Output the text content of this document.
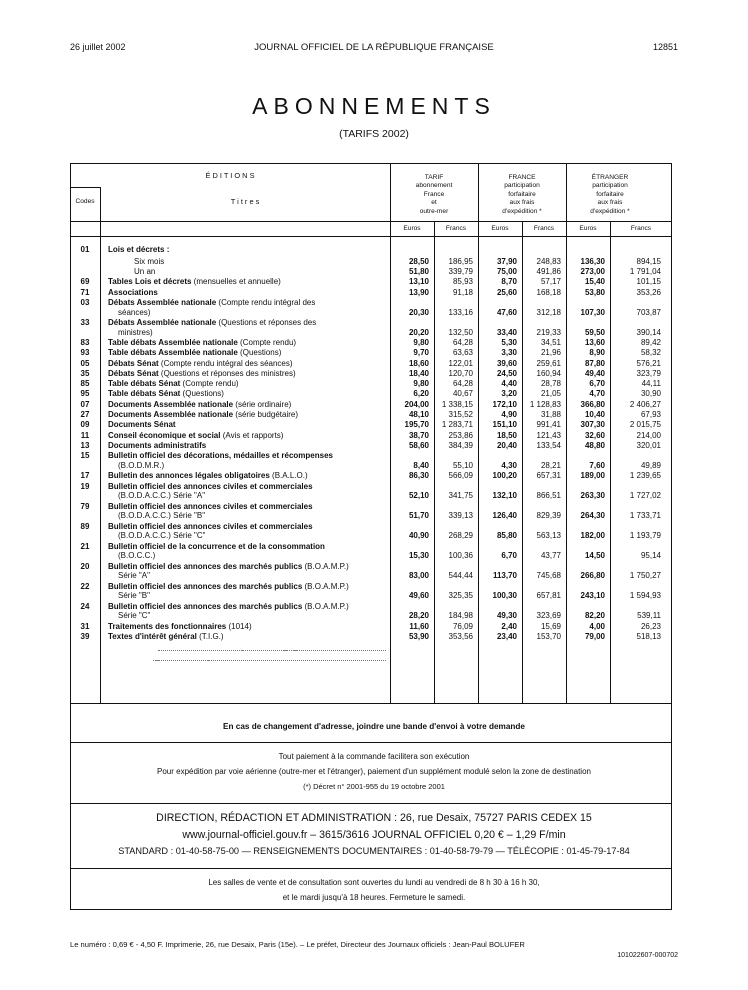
26 juillet 2002	JOURNAL OFFICIEL DE LA RÉPUBLIQUE FRANÇAISE	12851
ABONNEMENTS
(TARIFS 2002)
É D I T I O N S
Codes	T i t r e s
TARIF
abonnement
France
et
outre-mer
FRANCE
participation
forfaitaire
aux frais
d'expédition *
ÉTRANGER
participation
forfaitaire
aux frais
d'expédition *
Euros	Francs	Euros	Francs	Euros	Francs
01	Lois et décrets :
Six mois	28,50	186,95	37,90	248,83	136,30	894,15
Un an	51,80	339,79	75,00	491,86	273,00	1 791,04
69	Tables Lois et décrets (mensuelles et annuelle)	13,10	85,93	8,70	57,17	15,40	101,15
71	Associations	13,90	91,18	25,60	168,18	53,80	353,26
03	Débats Assemblée nationale (Compte rendu intégral des
séances)	20,30	133,16	47,60	312,18	107,30	703,87
33	Débats Assemblée nationale (Questions et réponses des
ministres)	20,20	132,50	33,40	219,33	59,50	390,14
83	Table débats Assemblée nationale (Compte rendu)	9,80	64,28	5,30	34,51	13,60	89,42
93	Table débats Assemblée nationale (Questions)	9,70	63,63	3,30	21,96	8,90	58,32
05	Débats Sénat (Compte rendu intégral des séances)	18,60	122,01	39,60	259,61	87,80	576,21
35	Débats Sénat (Questions et réponses des ministres)	18,40	120,70	24,50	160,94	49,40	323,79
85	Table débats Sénat (Compte rendu)	9,80	64,28	4,40	28,78	6,70	44,11
95	Table débats Sénat (Questions)	6,20	40,67	3,20	21,05	4,70	30,90
07	Documents Assemblée nationale (série ordinaire)	204,00	1 338,15	172,10	1 128,83	366,80	2 406,27
27	Documents Assemblée nationale (série budgétaire)	48,10	315,52	4,90	31,88	10,40	67,93
09	Documents Sénat	195,70	1 283,71	151,10	991,41	307,30	2 015,75
11	Conseil économique et social (Avis et rapports)	38,70	253,86	18,50	121,43	32,60	214,00
13	Documents administratifs	58,60	384,39	20,40	133,54	48,80	320,01
15	Bulletin officiel des décorations, médailles et récompenses
(B.O.D.M.R.)	8,40	55,10	4,30	28,21	7,60	49,89
17	Bulletin des annonces légales obligatoires (B.A.L.O.)	86,30	566,09	100,20	657,31	189,00	1 239,65
19	Bulletin officiel des annonces civiles et commerciales
(B.O.D.A.C.C.) Série "A"	52,10	341,75	132,10	866,51	263,30	1 727,02
79	Bulletin officiel des annonces civiles et commerciales
(B.O.D.A.C.C.) Série "B"	51,70	339,13	126,40	829,39	264,30	1 733,71
89	Bulletin officiel des annonces civiles et commerciales
(B.O.D.A.C.C.) Série "C"	40,90	268,29	85,80	563,13	182,00	1 193,79
21	Bulletin officiel de la concurrence et de la consommation
(B.O.C.C.)	15,30	100,36	6,70	43,77	14,50	95,14
20	Bulletin officiel des annonces des marchés publics (B.O.A.M.P.)
Série "A"	83,00	544,44	113,70	745,68	266,80	1 750,27
22	Bulletin officiel des annonces des marchés publics (B.O.A.M.P.)
Série "B"	49,60	325,35	100,30	657,81	243,10	1 594,93
24	Bulletin officiel des annonces des marchés publics (B.O.A.M.P.)
Série "C"	28,20	184,98	49,30	323,69	82,20	539,11
31	Traitements des fonctionnaires (1014)	11,60	76,09	2,40	15,69	4,00	26,23
39	Textes d'intérêt général (T.I.G.)	53,90	353,56	23,40	153,70	79,00	518,13
En cas de changement d'adresse, joindre une bande d'envoi à votre demande
Tout paiement à la commande facilitera son exécution
Pour expédition par voie aérienne (outre-mer et l'étranger), paiement d'un supplément modulé selon la zone de destination
(*) Décret n° 2001-955 du 19 octobre 2001
DIRECTION, RÉDACTION ET ADMINISTRATION : 26, rue Desaix, 75727 PARIS CEDEX 15
www.journal-officiel.gouv.fr – 3615/3616 JOURNAL OFFICIEL 0,20 € – 1,29 F/min
STANDARD : 01-40-58-75-00 — RENSEIGNEMENTS DOCUMENTAIRES : 01-40-58-79-79 — TÉLÉCOPIE : 01-45-79-17-84
Les salles de vente et de consultation sont ouvertes du lundi au vendredi de 8 h 30 à 16 h 30,
et le mardi jusqu'à 18 heures. Fermeture le samedi.
Le numéro : 0,69 € - 4,50 F. Imprimerie, 26, rue Desaix, Paris (15e). – Le préfet, Directeur des Journaux officiels : Jean-Paul BOLUFER
101022607-000702
